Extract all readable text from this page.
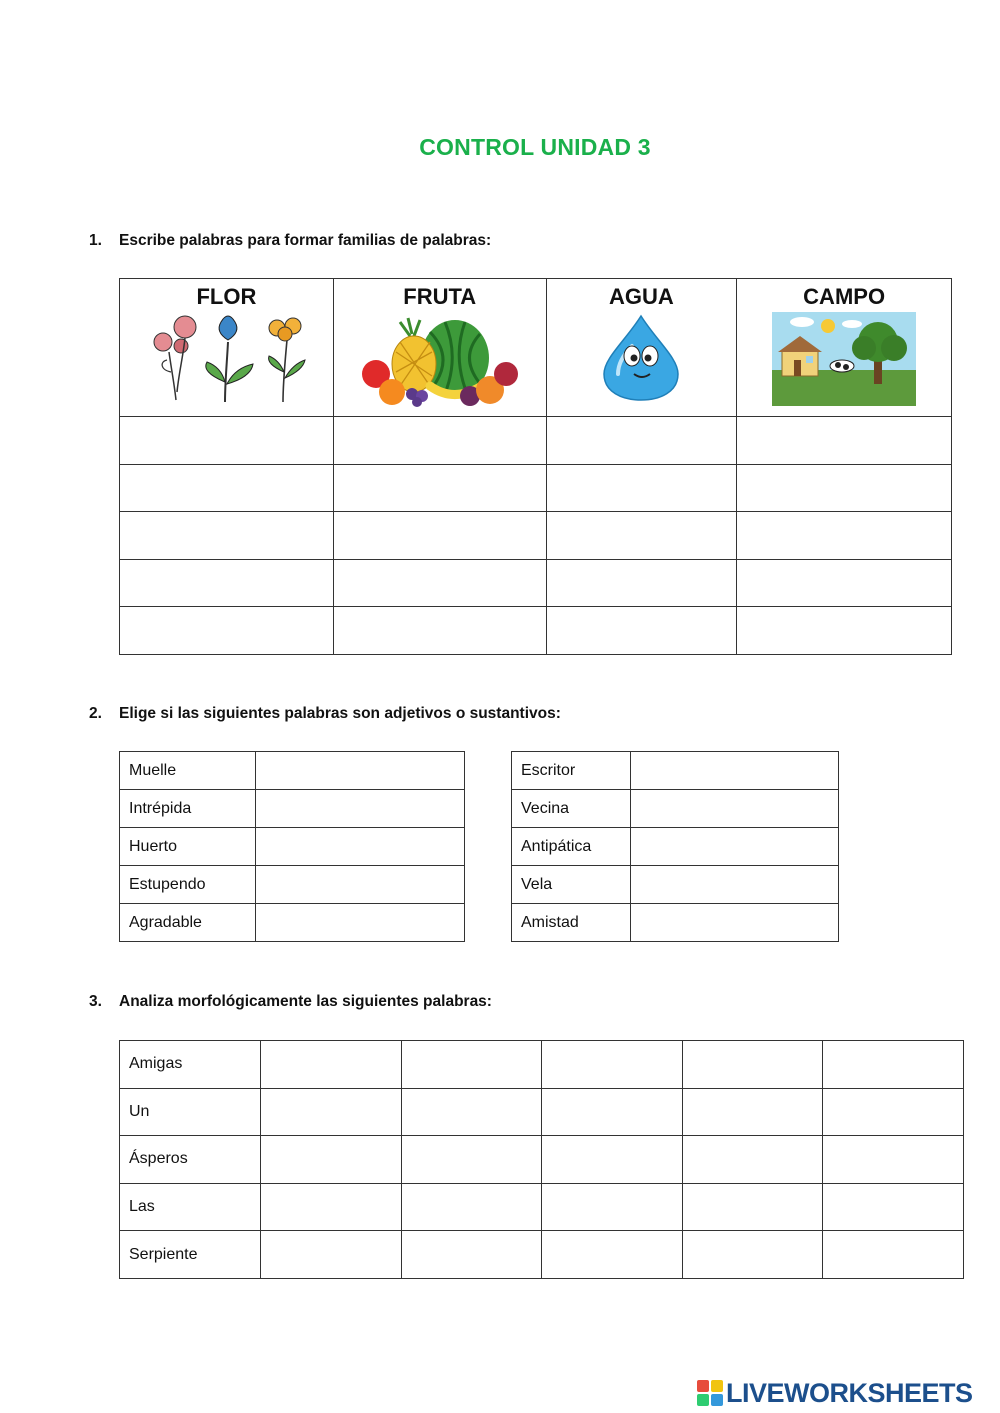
CONTROL UNIDAD 3
1. Escribe palabras para formar familias de palabras:
FLOR	FRUTA	AGUA	CAMPO

2. Elige si las siguientes palabras son adjetivos o sustantivos:
Muelle	
Intrépida	
Huerto	
Estupendo	
Agradable	
Escritor	
Vecina	
Antipática	
Vela	
Amistad	
3. Analiza morfológicamente las siguientes palabras:
Amigas					
Un					
Ásperos					
Las					
Serpiente					
LIVEWORKSHEETS
